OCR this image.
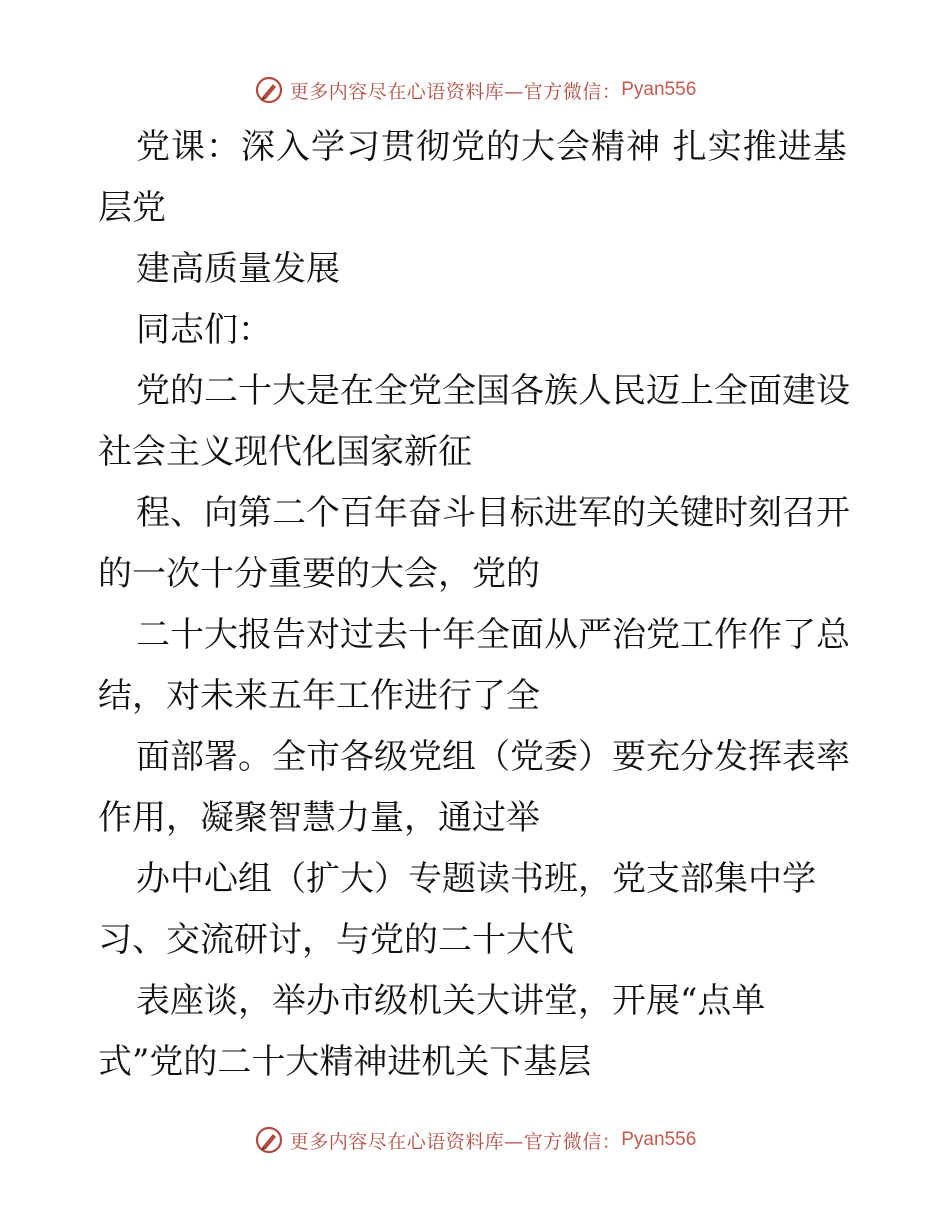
更多内容尽在心语资料库—官方微信： Pyan556
党课：深入学习贯彻党的大会精神 扎实推进基
层党
建高质量发展
同志们：
党的二十大是在全党全国各族人民迈上全面建设
社会主义现代化国家新征
程、向第二个百年奋斗目标进军的关键时刻召开
的一次十分重要的大会，党的
二十大报告对过去十年全面从严治党工作作了总
结，对未来五年工作进行了全
面部署。全市各级党组（党委）要充分发挥表率
作用，凝聚智慧力量，通过举
办中心组（扩大）专题读书班，党支部集中学
习、交流研讨，与党的二十大代
表座谈，举办市级机关大讲堂，开展“点单
式”党的二十大精神进机关下基层
更多内容尽在心语资料库—官方微信： Pyan556
